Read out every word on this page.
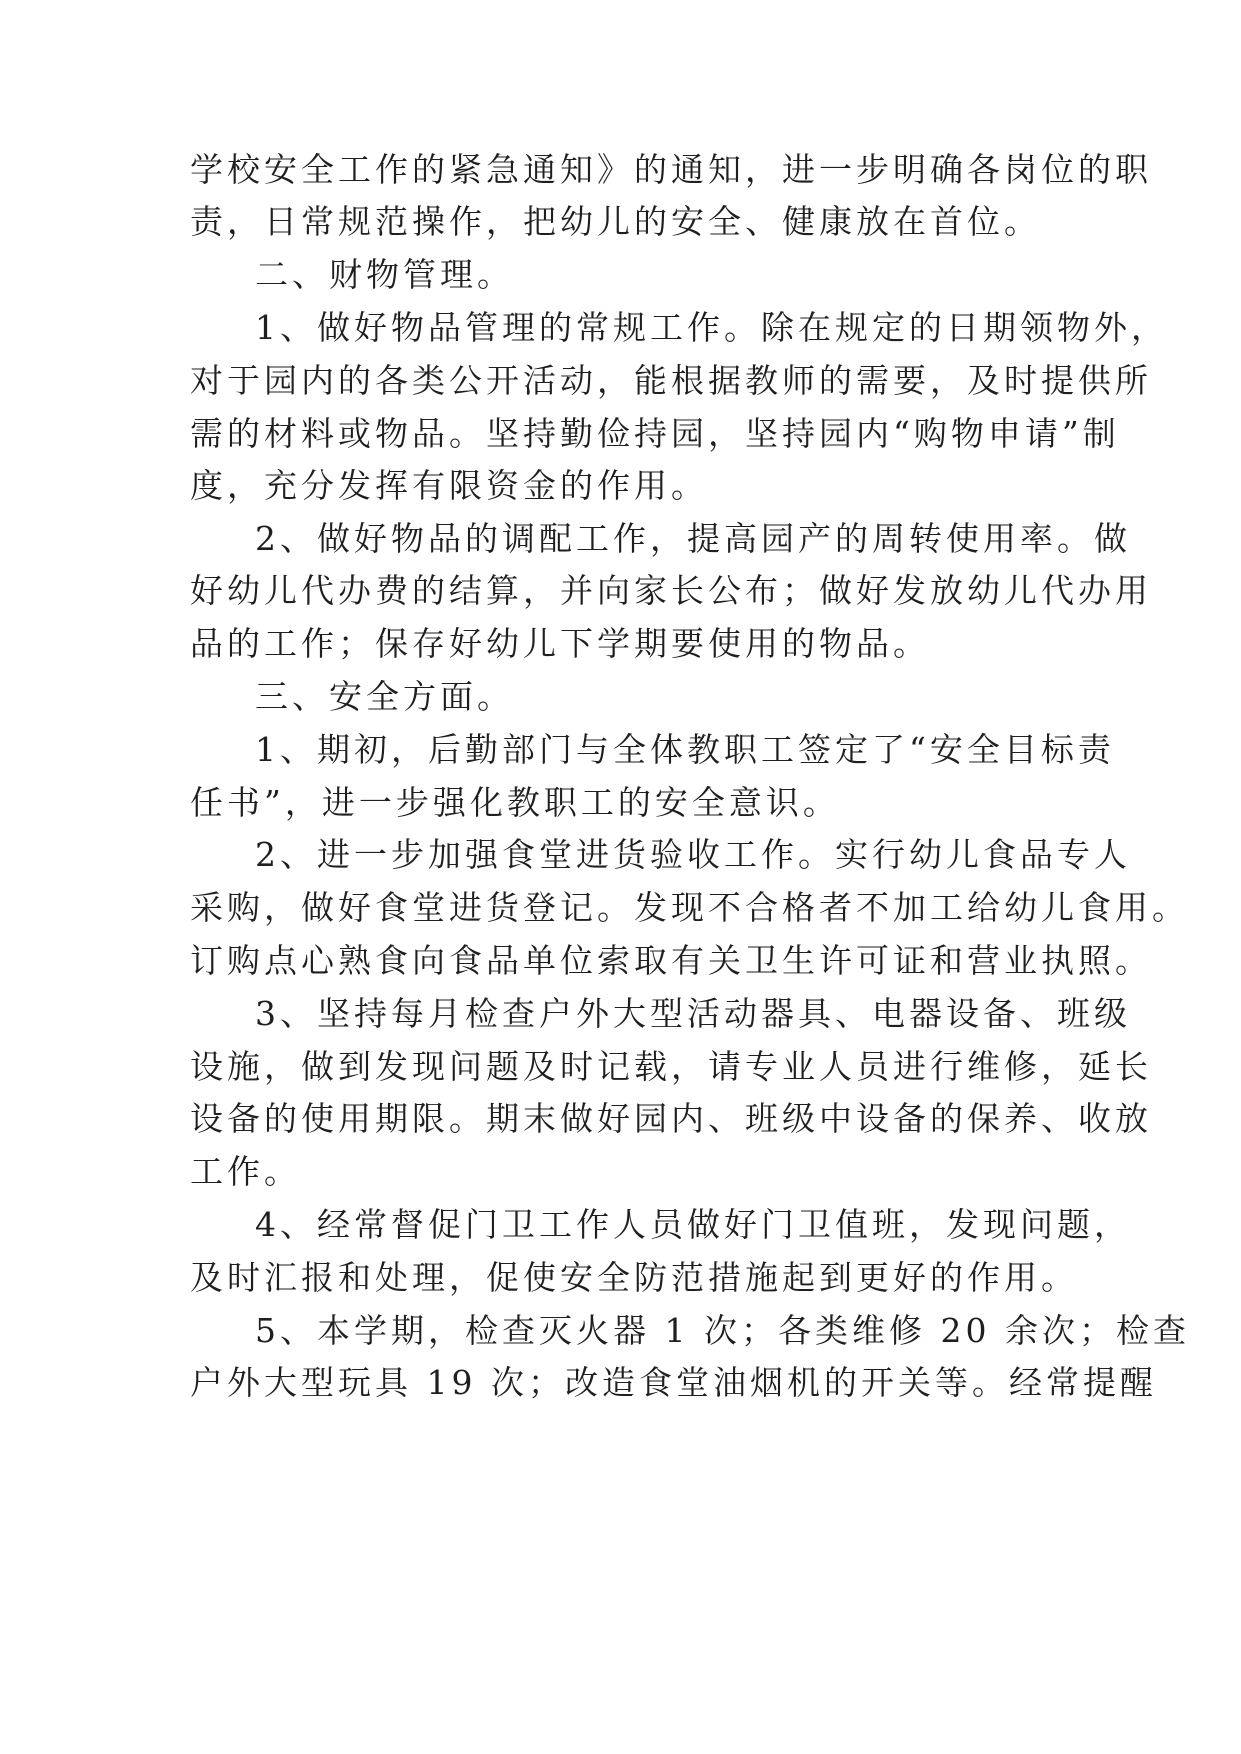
学校安全工作的紧急通知》的通知，进一步明确各岗位的职
责，日常规范操作，把幼儿的安全、健康放在首位。
二、财物管理。
1、做好物品管理的常规工作。除在规定的日期领物外，
对于园内的各类公开活动，能根据教师的需要，及时提供所
需的材料或物品。坚持勤俭持园，坚持园内“购物申请”制
度，充分发挥有限资金的作用。
2、做好物品的调配工作，提高园产的周转使用率。做
好幼儿代办费的结算，并向家长公布；做好发放幼儿代办用
品的工作；保存好幼儿下学期要使用的物品。
三、安全方面。
1、期初，后勤部门与全体教职工签定了“安全目标责
任书”，进一步强化教职工的安全意识。
2、进一步加强食堂进货验收工作。实行幼儿食品专人
采购，做好食堂进货登记。发现不合格者不加工给幼儿食用。
订购点心熟食向食品单位索取有关卫生许可证和营业执照。
3、坚持每月检查户外大型活动器具、电器设备、班级
设施，做到发现问题及时记载，请专业人员进行维修，延长
设备的使用期限。期末做好园内、班级中设备的保养、收放
工作。
4、经常督促门卫工作人员做好门卫值班，发现问题，
及时汇报和处理，促使安全防范措施起到更好的作用。
5、本学期，检查灭火器 1 次；各类维修 20 余次；检查
户外大型玩具 19 次；改造食堂油烟机的开关等。经常提醒
